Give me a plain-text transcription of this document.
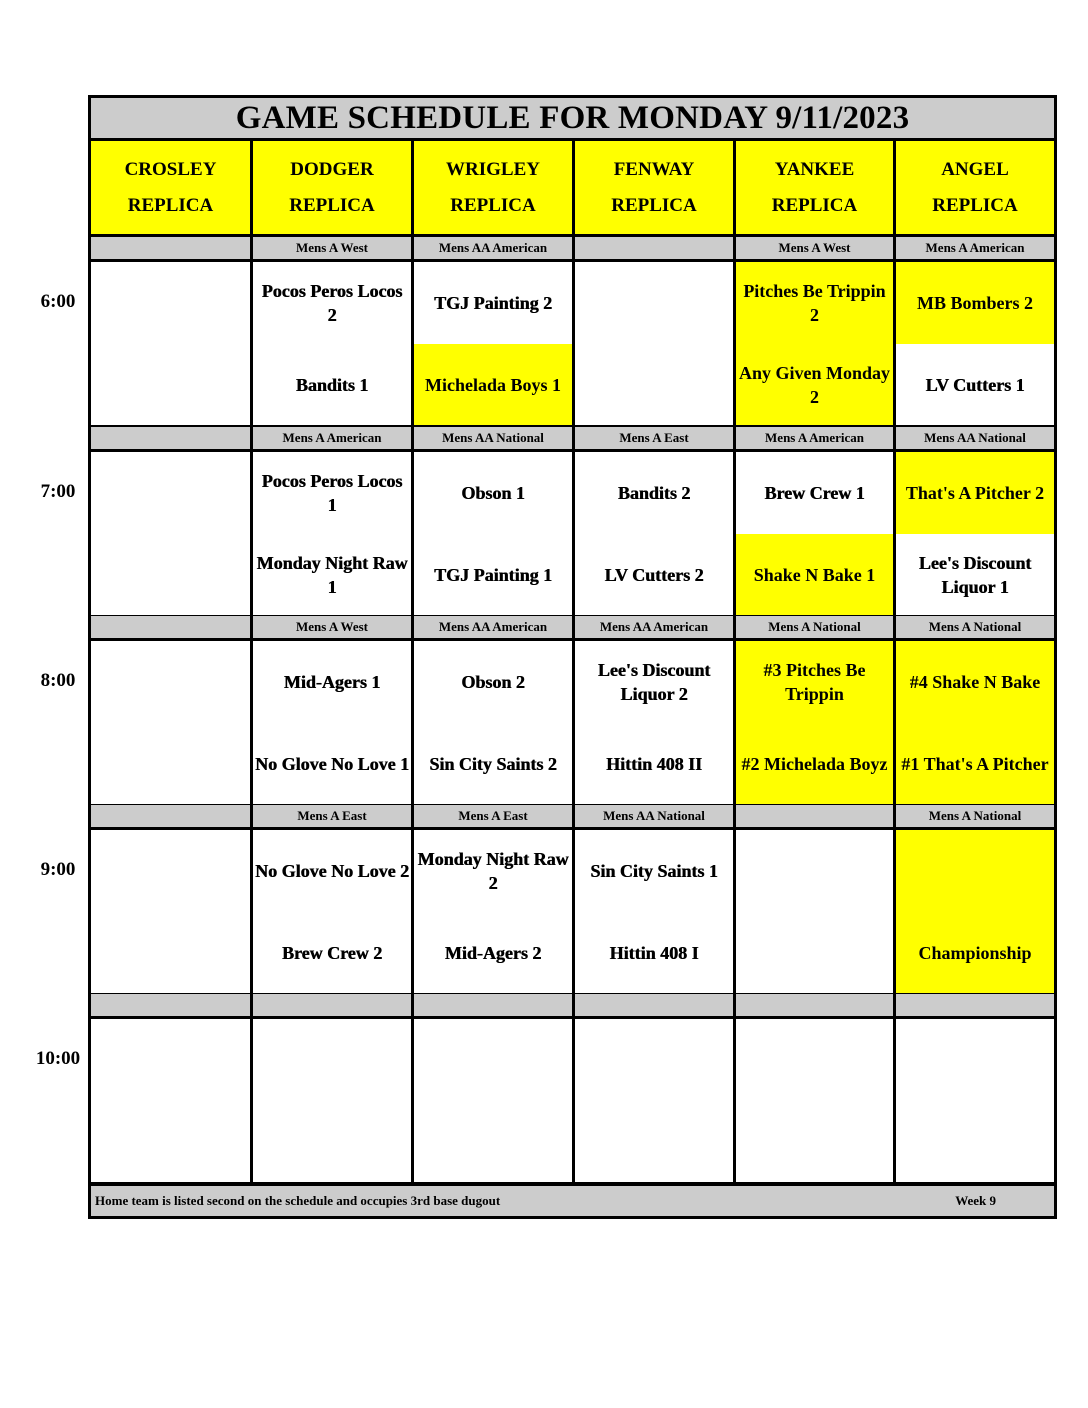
GAME SCHEDULE FOR MONDAY 9/11/2023
CROSLEY
REPLICA
DODGER
REPLICA
WRIGLEY
REPLICA
FENWAY
REPLICA
YANKEE
REPLICA
ANGEL
REPLICA
Mens A West
Pocos Peros Locos 2
Bandits 1
Mens AA American
TGJ Painting 2
Michelada Boys 1
Mens A West
Pitches Be Trippin 2
Any Given Monday 2
Mens A American
MB Bombers 2
LV Cutters 1
Mens A American
Pocos Peros Locos 1
Monday Night Raw 1
Mens AA National
Obson 1
TGJ Painting 1
Mens A East
Bandits 2
LV Cutters 2
Mens A American
Brew Crew 1
Shake N Bake 1
Mens AA National
That's A Pitcher 2
Lee's Discount Liquor 1
Mens A West
Mid-Agers 1
No Glove No Love 1
Mens AA American
Obson 2
Sin City Saints 2
Mens AA American
Lee's Discount Liquor 2
Hittin 408 II
Mens A National
#3 Pitches Be Trippin
#2 Michelada Boyz
Mens A National
#4 Shake N Bake
#1 That's A Pitcher
Mens A East
No Glove No Love 2
Brew Crew 2
Mens A East
Monday Night Raw 2
Mid-Agers 2
Mens AA National
Sin City Saints 1
Hittin 408 I
Mens A National
Championship
Home team is listed second on the schedule and occupies 3rd base dugout	Week 9
6:00
7:00
8:00
9:00
10:00
